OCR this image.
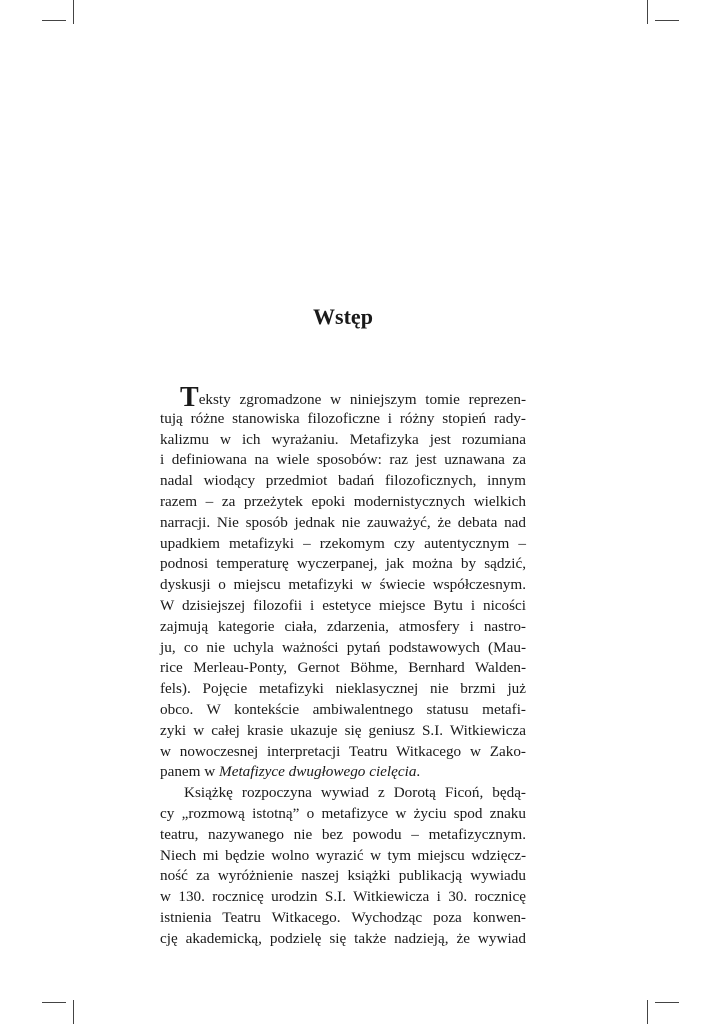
Wstęp
Teksty zgromadzone w niniejszym tomie reprezen-
tują różne stanowiska filozoficzne i różny stopień rady-
kalizmu w ich wyrażaniu. Metafizyka jest rozumiana
i definiowana na wiele sposobów: raz jest uznawana za
nadal wiodący przedmiot badań filozoficznych, innym
razem – za przeżytek epoki modernistycznych wielkich
narracji. Nie sposób jednak nie zauważyć, że debata nad
upadkiem metafizyki – rzekomym czy autentycznym –
podnosi temperaturę wyczerpanej, jak można by sądzić,
dyskusji o miejscu metafizyki w świecie współczesnym.
W dzisiejszej filozofii i estetyce miejsce Bytu i nicości
zajmują kategorie ciała, zdarzenia, atmosfery i nastro-
ju, co nie uchyla ważności pytań podstawowych (Mau-
rice Merleau-Ponty, Gernot Böhme, Bernhard Walden-
fels). Pojęcie metafizyki nieklasycznej nie brzmi już
obco. W kontekście ambiwalentnego statusu metafi-
zyki w całej krasie ukazuje się geniusz S.I. Witkiewicza
w nowoczesnej interpretacji Teatru Witkacego w Zako-
panem w Metafizyce dwugłowego cielęcia.
Książkę rozpoczyna wywiad z Dorotą Ficoń, będą-
cy „rozmową istotną” o metafizyce w życiu spod znaku
teatru, nazywanego nie bez powodu – metafizycznym.
Niech mi będzie wolno wyrazić w tym miejscu wdzięcz-
ność za wyróżnienie naszej książki publikacją wywiadu
w 130. rocznicę urodzin S.I. Witkiewicza i 30. rocznicę
istnienia Teatru Witkacego. Wychodząc poza konwen-
cję akademicką, podzielę się także nadzieją, że wywiad
